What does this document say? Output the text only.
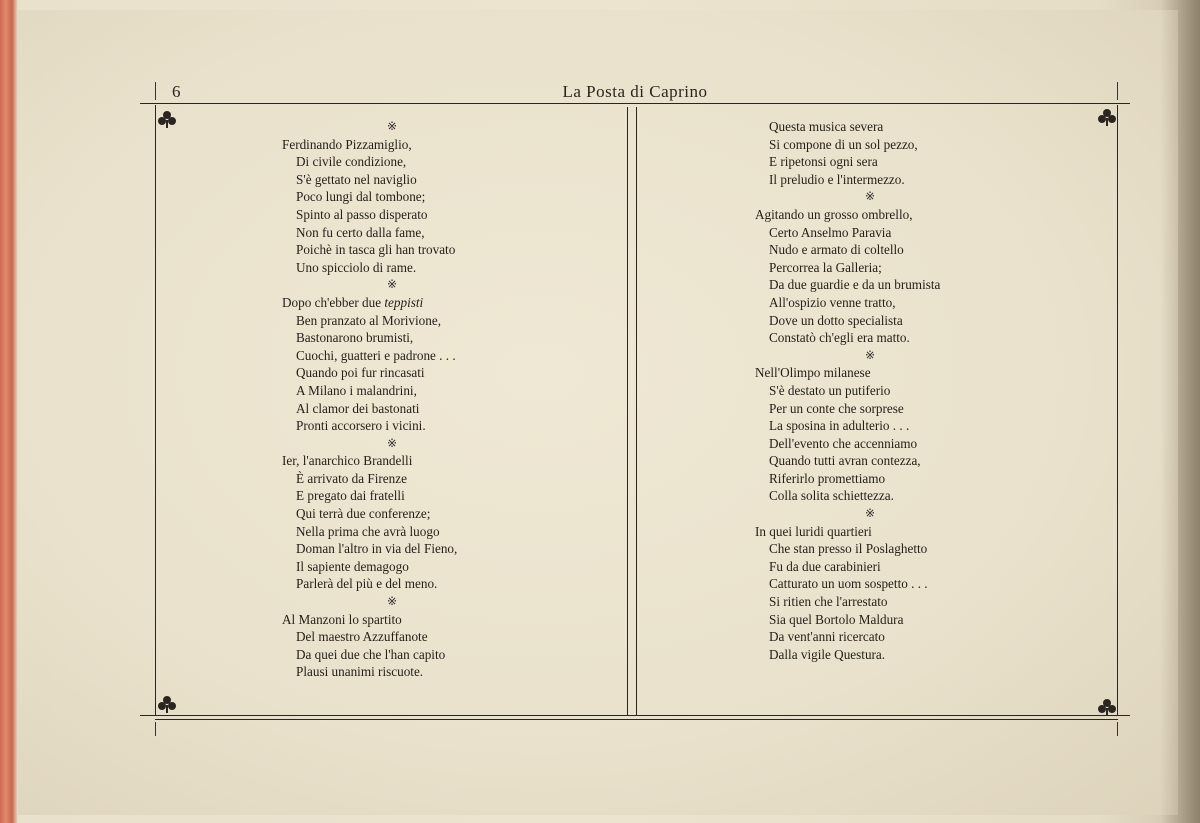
6	La Posta di Caprino
※
Ferdinando Pizzamiglio,
Di civile condizione,
S'è gettato nel naviglio
Poco lungi dal tombone;
Spinto al passo disperato
Non fu certo dalla fame,
Poichè in tasca gli han trovato
Uno spicciolo di rame.
※
Dopo ch'ebber due teppisti
Ben pranzato al Morivione,
Bastonarono brumisti,
Cuochi, guatteri e padrone . . .
Quando poi fur rincasati
A Milano i malandrini,
Al clamor dei bastonati
Pronti accorsero i vicini.
※
Ier, l'anarchico Brandelli
È arrivato da Firenze
E pregato dai fratelli
Qui terrà due conferenze;
Nella prima che avrà luogo
Doman l'altro in via del Fieno,
Il sapiente demagogo
Parlerà del più e del meno.
※
Al Manzoni lo spartito
Del maestro Azzuffanote
Da quei due che l'han capito
Plausi unanimi riscuote.
Questa musica severa
Si compone di un sol pezzo,
E ripetonsi ogni sera
Il preludio e l'intermezzo.
※
Agitando un grosso ombrello,
Certo Anselmo Paravia
Nudo e armato di coltello
Percorrea la Galleria;
Da due guardie e da un brumista
All'ospizio venne tratto,
Dove un dotto specialista
Constatò ch'egli era matto.
※
Nell'Olimpo milanese
S'è destato un putiferio
Per un conte che sorprese
La sposina in adulterio . . .
Dell'evento che accenniamo
Quando tutti avran contezza,
Riferirlo promettiamo
Colla solita schiettezza.
※
In quei luridi quartieri
Che stan presso il Poslaghetto
Fu da due carabinieri
Catturato un uom sospetto . . .
Si ritien che l'arrestato
Sia quel Bortolo Maldura
Da vent'anni ricercato
Dalla vigile Questura.
